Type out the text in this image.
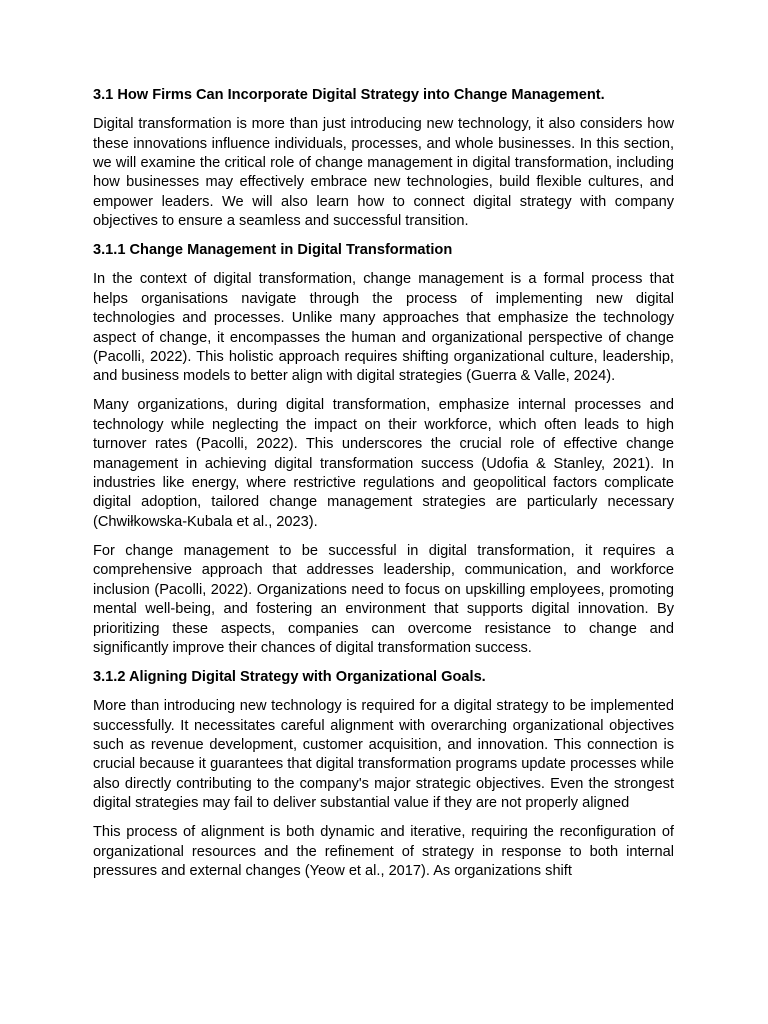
3.1 How Firms Can Incorporate Digital Strategy into Change Management.
Digital transformation is more than just introducing new technology, it also considers how these innovations influence individuals, processes, and whole businesses. In this section, we will examine the critical role of change management in digital transformation, including how businesses may effectively embrace new technologies, build flexible cultures, and empower leaders. We will also learn how to connect digital strategy with company objectives to ensure a seamless and successful transition.
3.1.1 Change Management in Digital Transformation
In the context of digital transformation, change management is a formal process that helps organisations navigate through the process of implementing new digital technologies and processes. Unlike many approaches that emphasize the technology aspect of change, it encompasses the human and organizational perspective of change (Pacolli, 2022). This holistic approach requires shifting organizational culture, leadership, and business models to better align with digital strategies (Guerra & Valle, 2024).
Many organizations, during digital transformation, emphasize internal processes and technology while neglecting the impact on their workforce, which often leads to high turnover rates (Pacolli, 2022). This underscores the crucial role of effective change management in achieving digital transformation success (Udofia & Stanley, 2021). In industries like energy, where restrictive regulations and geopolitical factors complicate digital adoption, tailored change management strategies are particularly necessary (Chwiłkowska-Kubala et al., 2023).
For change management to be successful in digital transformation, it requires a comprehensive approach that addresses leadership, communication, and workforce inclusion (Pacolli, 2022). Organizations need to focus on upskilling employees, promoting mental well-being, and fostering an environment that supports digital innovation. By prioritizing these aspects, companies can overcome resistance to change and significantly improve their chances of digital transformation success.
3.1.2 Aligning Digital Strategy with Organizational Goals.
More than introducing new technology is required for a digital strategy to be implemented successfully. It necessitates careful alignment with overarching organizational objectives such as revenue development, customer acquisition, and innovation. This connection is crucial because it guarantees that digital transformation programs update processes while also directly contributing to the company's major strategic objectives. Even the strongest digital strategies may fail to deliver substantial value if they are not properly aligned
This process of alignment is both dynamic and iterative, requiring the reconfiguration of organizational resources and the refinement of strategy in response to both internal pressures and external changes (Yeow et al., 2017). As organizations shift
